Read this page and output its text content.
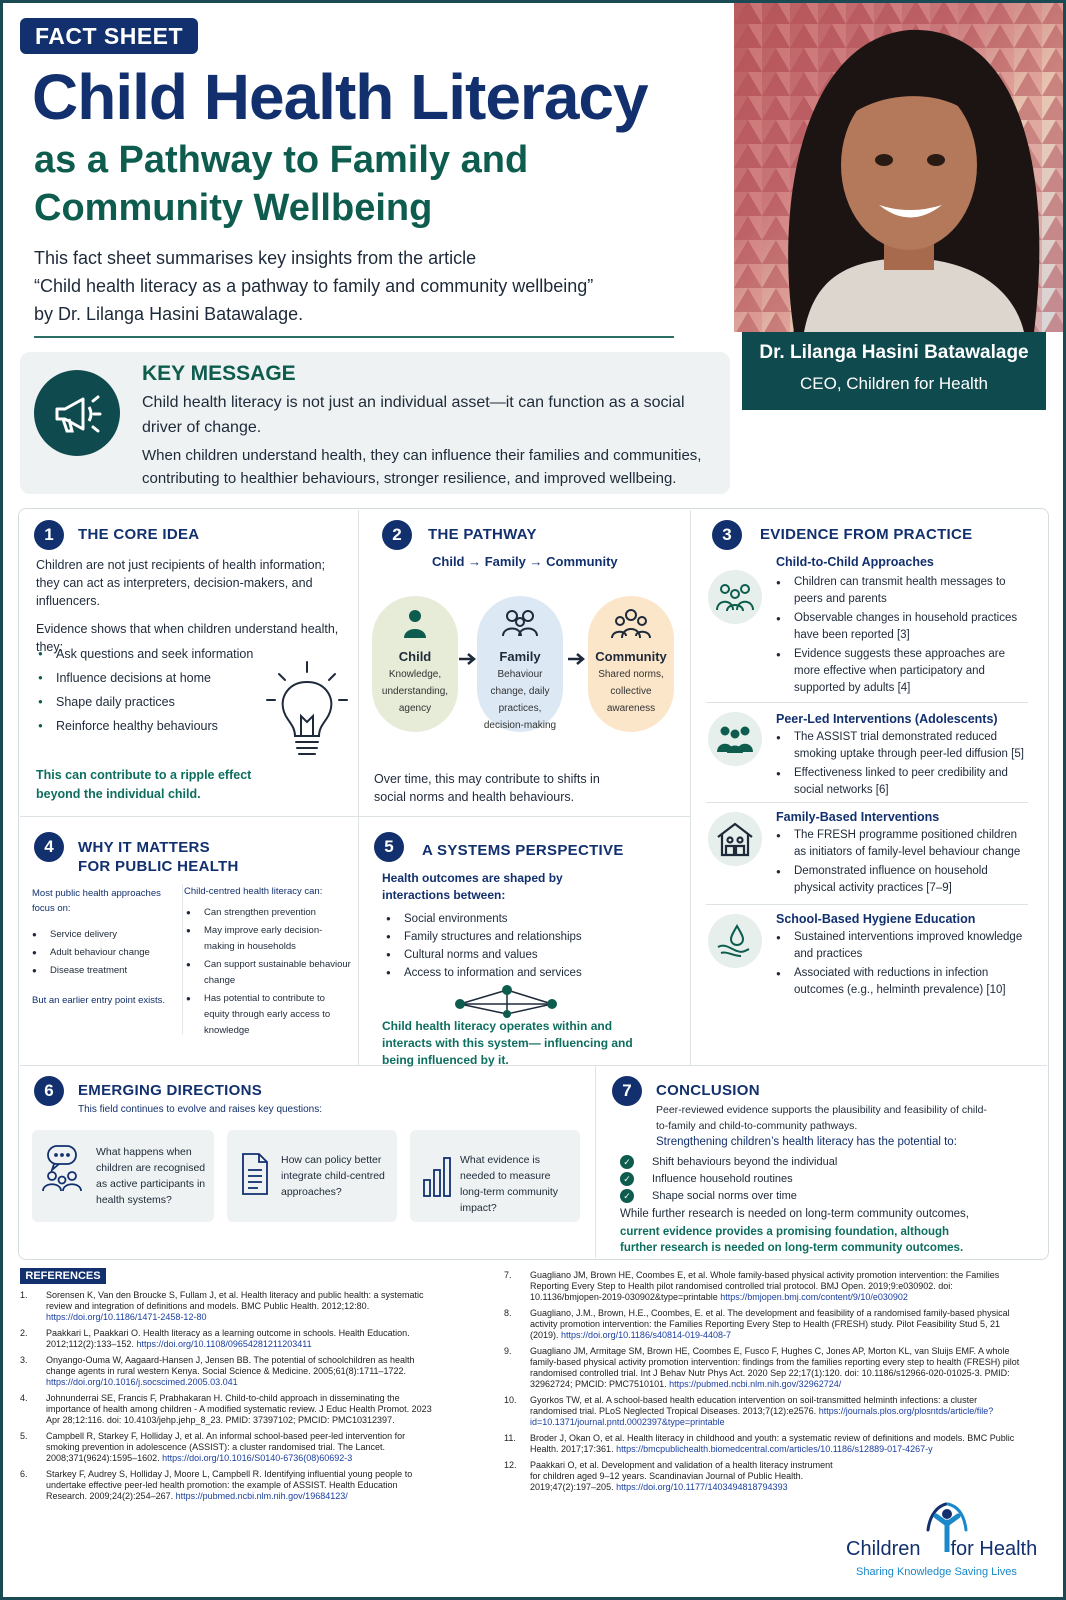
FACT SHEET
Child Health Literacy
as a Pathway to Family and Community Wellbeing
This fact sheet summarises key insights from the article
“Child health literacy as a pathway to family and community wellbeing”
by Dr. Lilanga Hasini Batawalage.
Dr. Lilanga Hasini Batawalage
CEO, Children for Health
KEY MESSAGE
Child health literacy is not just an individual asset—it can function as a social driver of change.
When children understand health, they can influence their families and communities, contributing to healthier behaviours, stronger resilience, and improved wellbeing.
1	THE CORE IDEA
Children are not just recipients of health information; they can act as interpreters, decision-makers, and influencers.
Evidence shows that when children understand health, they:
● Ask questions and seek information
● Influence decisions at home
● Shape daily practices
● Reinforce healthy behaviours
This can contribute to a ripple effect beyond the individual child.
2	THE PATHWAY
Child → Family → Community
Child
Knowledge, understanding, agency
Family
Behaviour change, daily practices, decision-making
Community
Shared norms, collective awareness
Over time, this may contribute to shifts in social norms and health behaviours.
3	EVIDENCE FROM PRACTICE
Child-to-Child Approaches
● Children can transmit health messages to peers and parents
● Observable changes in household practices have been reported [3]
● Evidence suggests these approaches are more effective when participatory and supported by adults [4]
Peer-Led Interventions (Adolescents)
● The ASSIST trial demonstrated reduced smoking uptake through peer-led diffusion [5]
● Effectiveness linked to peer credibility and social networks [6]
Family-Based Interventions
● The FRESH programme positioned children as initiators of family-level behaviour change
● Demonstrated influence on household physical activity practices [7–9]
School-Based Hygiene Education
● Sustained interventions improved knowledge and practices
● Associated with reductions in infection outcomes (e.g., helminth prevalence) [10]
4	WHY IT MATTERS
FOR PUBLIC HEALTH
Most public health approaches focus on:
● Service delivery
● Adult behaviour change
● Disease treatment
But an earlier entry point exists.
Child-centred health literacy can:
● Can strengthen prevention
● May improve early decision-making in households
● Can support sustainable behaviour change
● Has potential to contribute to equity through early access to knowledge
5	A SYSTEMS PERSPECTIVE
Health outcomes are shaped by interactions between:
● Social environments
● Family structures and relationships
● Cultural norms and values
● Access to information and services
Child health literacy operates within and interacts with this system— influencing and being influenced by it.
6	EMERGING DIRECTIONS
This field continues to evolve and raises key questions:
What happens when children are recognised as active participants in health systems?
How can policy better integrate child-centred approaches?
What evidence is needed to measure long-term community impact?
7	CONCLUSION
Peer-reviewed evidence supports the plausibility and feasibility of child-to-family and child-to-community pathways.
Strengthening children’s health literacy has the potential to:
✓ Shift behaviours beyond the individual
✓ Influence household routines
✓ Shape social norms over time
While further research is needed on long-term community outcomes,
current evidence provides a promising foundation, although further research is needed on long-term community outcomes.
REFERENCES
1.	Sorensen K, Van den Broucke S, Fullam J, et al. Health literacy and public health: a systematic review and integration of definitions and models. BMC Public Health. 2012;12:80. https://doi.org/10.1186/1471-2458-12-80
2.	Paakkari L, Paakkari O. Health literacy as a learning outcome in schools. Health Education. 2012;112(2):133–152. https://doi.org/10.1108/09654281211203411
3.	Onyango-Ouma W, Aagaard-Hansen J, Jensen BB. The potential of schoolchildren as health change agents in rural western Kenya. Social Science & Medicine. 2005;61(8):1711–1722. https://doi.org/10.1016/j.socscimed.2005.03.041
4.	Johnunderrai SE, Francis F, Prabhakaran H. Child-to-child approach in disseminating the importance of health among children - A modified systematic review. J Educ Health Promot. 2023 Apr 28;12:116. doi: 10.4103/jehp.jehp_8_23. PMID: 37397102; PMCID: PMC10312397.
5.	Campbell R, Starkey F, Holliday J, et al. An informal school-based peer-led intervention for smoking prevention in adolescence (ASSIST): a cluster randomised trial. The Lancet. 2008;371(9624):1595–1602. https://doi.org/10.1016/S0140-6736(08)60692-3
6.	Starkey F, Audrey S, Holliday J, Moore L, Campbell R. Identifying influential young people to undertake effective peer-led health promotion: the example of ASSIST. Health Education Research. 2009;24(2):254–267. https://pubmed.ncbi.nlm.nih.gov/19684123/
7.	Guagliano JM, Brown HE, Coombes E, et al. Whole family-based physical activity promotion intervention: the Families Reporting Every Step to Health pilot randomised controlled trial protocol. BMJ Open. 2019;9:e030902. doi: 10.1136/bmjopen-2019-030902&type=printable https://bmjopen.bmj.com/content/9/10/e030902
8.	Guagliano, J.M., Brown, H.E., Coombes, E. et al. The development and feasibility of a randomised family-based physical activity promotion intervention: the Families Reporting Every Step to Health (FRESH) study. Pilot Feasibility Stud 5, 21 (2019). https://doi.org/10.1186/s40814-019-4408-7
9.	Guagliano JM, Armitage SM, Brown HE, Coombes E, Fusco F, Hughes C, Jones AP, Morton KL, van Sluijs EMF. A whole family-based physical activity promotion intervention: findings from the families reporting every step to health (FRESH) pilot randomised controlled trial. Int J Behav Nutr Phys Act. 2020 Sep 22;17(1):120. doi: 10.1186/s12966-020-01025-3. PMID: 32962724; PMCID: PMC7510101. https://pubmed.ncbi.nlm.nih.gov/32962724/
10.	Gyorkos TW, et al. A school-based health education intervention on soil-transmitted helminth infections: a cluster randomised trial. PLoS Neglected Tropical Diseases. 2013;7(12):e2576. https://journals.plos.org/plosntds/article/file?id=10.1371/journal.pntd.0002397&type=printable
11.	Broder J, Okan O, et al. Health literacy in childhood and youth: a systematic review of definitions and models. BMC Public Health. 2017;17:361. https://bmcpublichealth.biomedcentral.com/articles/10.1186/s12889-017-4267-y
12.	Paakkari O, et al. Development and validation of a health literacy instrument for children aged 9–12 years. Scandinavian Journal of Public Health. 2019;47(2):197–205. https://doi.org/10.1177/1403494818794393
Children for Health
Sharing Knowledge Saving Lives
